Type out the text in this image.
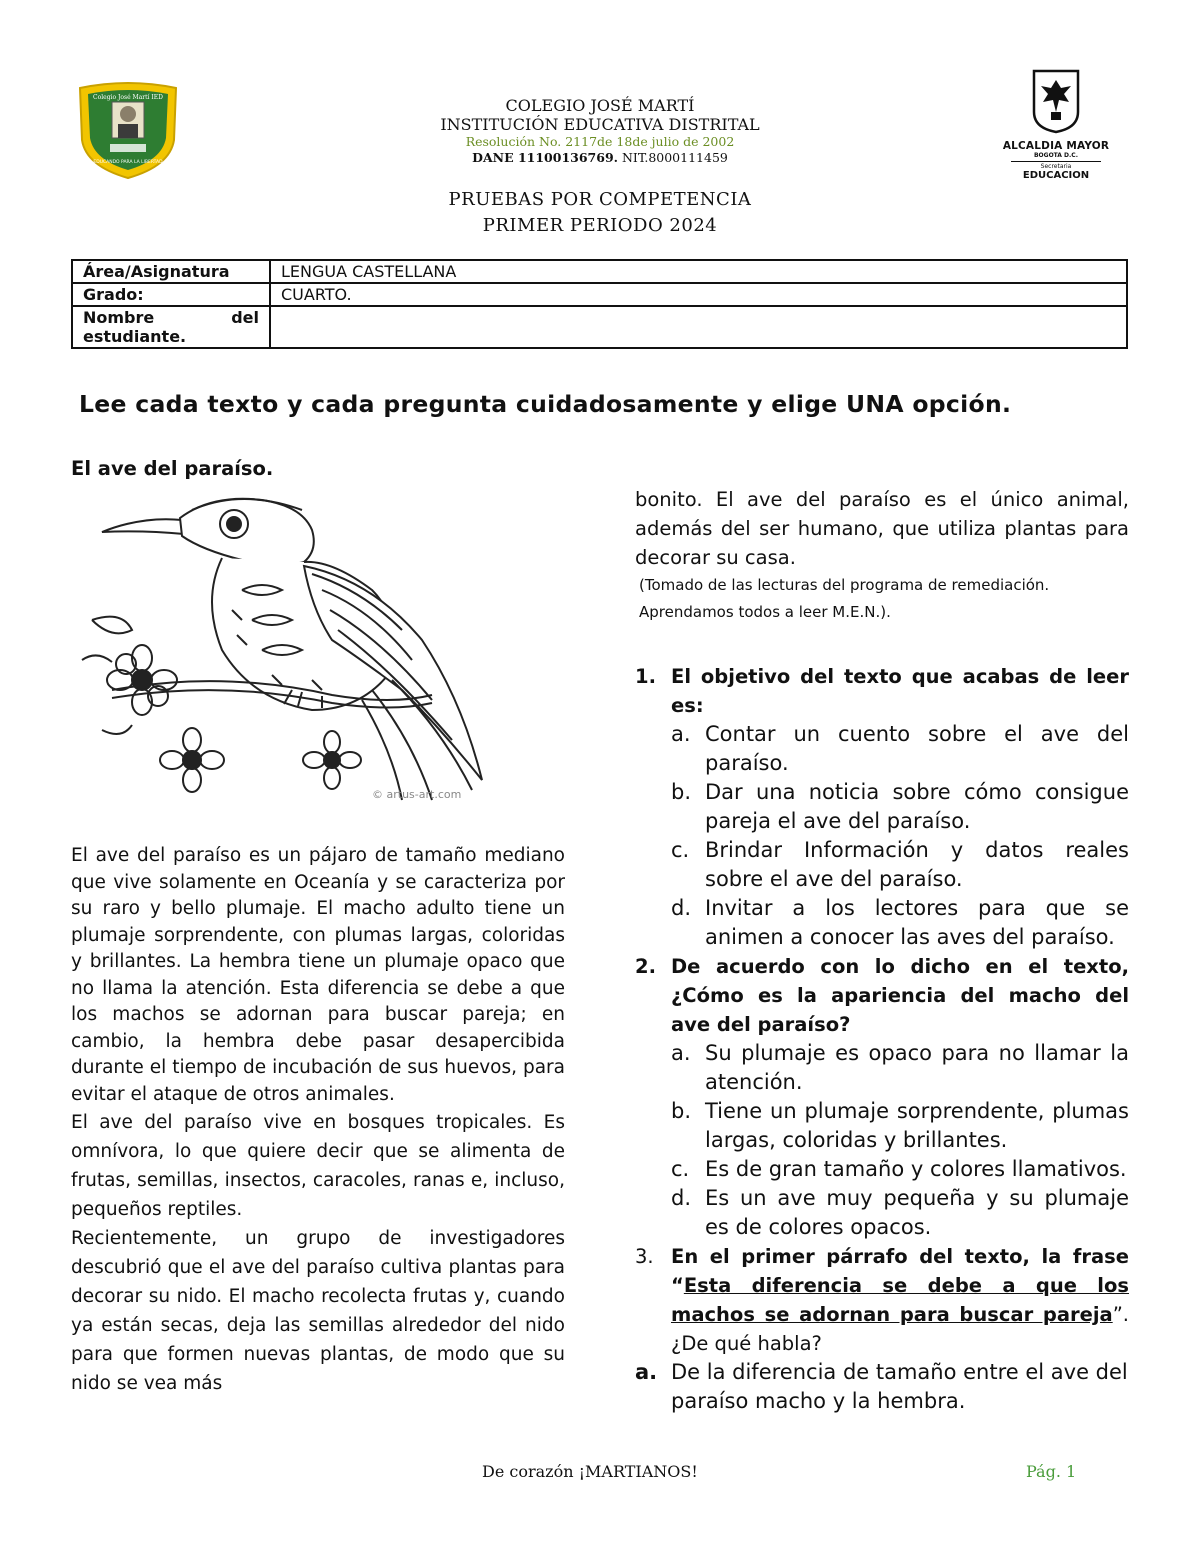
Colegio José Martí IED
EDUCANDO PARA LA LIBERTAD
COLEGIO JOSÉ MARTÍ
INSTITUCIÓN EDUCATIVA DISTRITAL
Resolución No. 2117de 18de julio de 2002
DANE 11100136769. NIT.8000111459
ALCALDIA MAYOR
BOGOTA D.C.
Secretaria
EDUCACION
PRUEBAS POR COMPETENCIA
PRIMER PERIODO 2024
Área/Asignatura	LENGUA CASTELLANA
Grado:	CUARTO.

Nombre del
estudiante.	

Lee cada texto y cada pregunta cuidadosamente y elige UNA opción.
El ave del paraíso.
© artus-art.com

El ave del paraíso es un pájaro de tamaño mediano que vive solamente en Oceanía y se caracteriza por su raro y bello plumaje. El macho adulto tiene un plumaje sorprendente, con plumas largas, coloridas y brillantes. La hembra tiene un plumaje opaco que no llama la atención. Esta diferencia se debe a que los machos se adornan para buscar pareja; en cambio, la hembra debe pasar desapercibida durante el tiempo de incubación de sus huevos, para evitar el ataque de otros animales.

El ave del paraíso vive en bosques tropicales. Es omnívora, lo que quiere decir que se alimenta de frutas, semillas, insectos, caracoles, ranas e, incluso, pequeños reptiles.

Recientemente, un grupo de investigadores descubrió que el ave del paraíso cultiva plantas para decorar su nido. El macho recolecta frutas y, cuando ya están secas, deja las semillas alrededor del nido para que formen nuevas plantas, de modo que su nido se vea más

bonito. El ave del paraíso es el único animal, además del ser humano, que utiliza plantas para decorar su casa.

(Tomado de las lecturas del programa de remediación. Aprendamos todos a leer M.E.N.).

1. El objetivo del texto que acabas de leer es:
a. Contar un cuento sobre el ave del paraíso.
b. Dar una noticia sobre cómo consigue pareja el ave del paraíso.
c. Brindar Información y datos reales sobre el ave del paraíso.
d. Invitar a los lectores para que se animen a conocer las aves del paraíso.
2. De acuerdo con lo dicho en el texto, ¿Cómo es la apariencia del macho del ave del paraíso?
a. Su plumaje es opaco para no llamar la atención.
b. Tiene un plumaje sorprendente, plumas largas, coloridas y brillantes.
c. Es de gran tamaño y colores llamativos.
d. Es un ave muy pequeña y su plumaje es de colores opacos.
3. En el primer párrafo del texto, la frase “Esta diferencia se debe a que los machos se adornan para buscar pareja”. ¿De qué habla?
a. De la diferencia de tamaño entre el ave del paraíso macho y la hembra.
De corazón ¡MARTIANOS!	Pág. 1
